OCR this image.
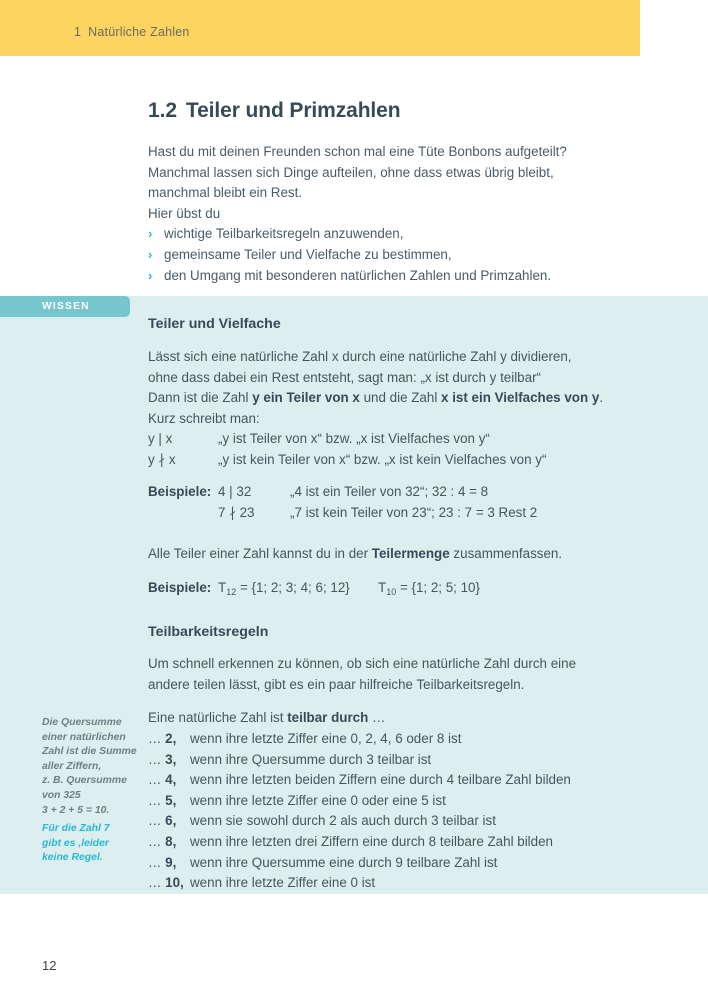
1 Natürliche Zahlen
1.2 Teiler und Primzahlen

Hast du mit deinen Freunden schon mal eine Tüte Bonbons aufgeteilt?

Manchmal lassen sich Dinge aufteilen, ohne dass etwas übrig bleibt,

manchmal bleibt ein Rest.

Hier übst du
› wichtige Teilbarkeitsregeln anzuwenden,
› gemeinsame Teiler und Vielfache zu bestimmen,
› den Umgang mit besonderen natürlichen Zahlen und Primzahlen.
WISSEN
Teiler und Vielfache
Lässt sich eine natürliche Zahl x durch eine natürliche Zahl y dividieren,
ohne dass dabei ein Rest entsteht, sagt man: „x ist durch y teilbar“
Dann ist die Zahl y ein Teiler von x und die Zahl x ist ein Vielfaches von y.
Kurz schreibt man:
y | x	„y ist Teiler von x“ bzw. „x ist Vielfaches von y“
y ∤ x	„y ist kein Teiler von x“ bzw. „x ist kein Vielfaches von y“
Beispiele:	4 | 32	„4 ist ein Teiler von 32“; 32 : 4 = 8
	7 ∤ 23	„7 ist kein Teiler von 23“; 23 : 7 = 3 Rest 2
Alle Teiler einer Zahl kannst du in der Teilermenge zusammenfassen.
Beispiele: $T_{12} = \{1$; 2; 3; 4; 6; 12} $T_{10} = \{1$; 2; 5; 10}
Teilbarkeitsregeln
Um schnell erkennen zu können, ob sich eine natürliche Zahl durch eine
andere teilen lässt, gibt es ein paar hilfreiche Teilbarkeitsregeln.
Eine natürliche Zahl ist teilbar durch …
… 2,	wenn ihre letzte Ziffer eine 0, 2, 4, 6 oder 8 ist
… 3,	wenn ihre Quersumme durch 3 teilbar ist
… 4,	wenn ihre letzten beiden Ziffern eine durch 4 teilbare Zahl bilden
… 5,	wenn ihre letzte Ziffer eine 0 oder eine 5 ist
… 6,	wenn sie sowohl durch 2 als auch durch 3 teilbar ist
… 8,	wenn ihre letzten drei Ziffern eine durch 8 teilbare Zahl bilden
… 9,	wenn ihre Quersumme eine durch 9 teilbare Zahl ist
… 10, wenn ihre letzte Ziffer eine 0 ist
Die Quersumme
einer natürlichen
Zahl ist die Summe
aller Ziffern,
z. B. Quersumme
von 325
3 + 2 + 5 = 10.
Für die Zahl 7
gibt es ‚leider
keine Regel.
12
